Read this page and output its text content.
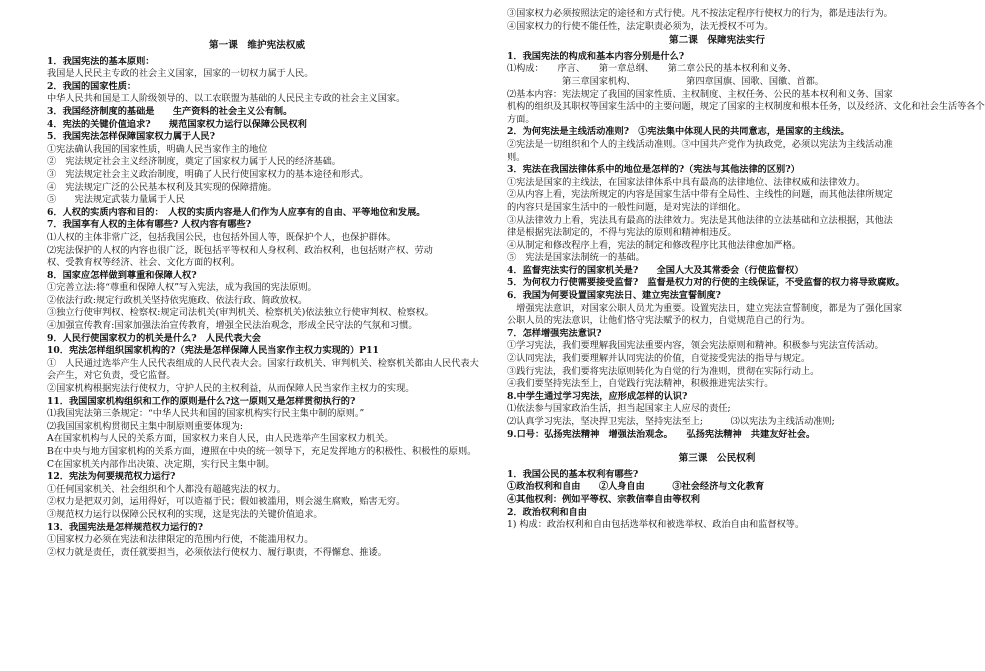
第一课　维护宪法权威
1．我国宪法的基本原则：
我国是人民民主专政的社会主义国家，国家的一切权力属于人民。
2．我国的国家性质：
中华人民共和国是工人阶级领导的、以工农联盟为基础的人民民主专政的社会主义国家。
3．我国经济制度的基础是　　生产资料的社会主义公有制。
4．宪法的关键价值追求?　　规范国家权力运行以保障公民权利
5．我国宪法怎样保障国家权力属于人民?
①宪法确认我国的国家性质，明确人民当家作主的地位
②　宪法规定社会主义经济制度，奠定了国家权力属于人民的经济基础。
③　宪法规定社会主义政治制度，明确了人民行使国家权力的基本途径和形式。
④　宪法规定广泛的公民基本权利及其实现的保障措施。
⑤　　宪法规定武装力量属于人民
6．人权的实质内容和目的：　人权的实质内容是人们作为人应享有的自由、平等地位和发展。
7．我国享有人权的主体有哪些? 人权内容有哪些?
⑴人权的主体非常广泛，包括我国公民，也包括外国人等，既保护个人，也保护群体。
⑵宪法保护的人权的内容也很广泛，既包括平等权和人身权利、政治权利，也包括财产权、劳动
权、受教育权等经济、社会、文化方面的权利。
8．国家应怎样做到尊重和保障人权?
①完善立法:将“尊重和保障人权”写入宪法，成为我国的宪法原则。
②依法行政:规定行政机关坚持依宪施政、依法行政、简政放权。
③独立行使审判权、检察权:规定司法机关(审判机关、检察机关)依法独立行使审判权、检察权。
④加强宣传教育:国家加强法治宣传教育，增强全民法治观念，形成全民守法的气氛和习惯。
9．人民行使国家权力的机关是什么?　人民代表大会
10．宪法怎样组织国家机构的?（宪法是怎样保障人民当家作主权力实现的）P11
①　人民通过选举产生人民代表组成的人民代表大会。国家行政机关、审判机关、检察机关都由人民代表大
会产生，对它负责，受它监督。
②国家机构根据宪法行使权力，守护人民的主权利益，从而保障人民当家作主权力的实现。
11．我国国家机构组织和工作的原则是什么?这一原则又是怎样贯彻执行的?
⑴我国宪法第三条规定：“中华人民共和国的国家机构实行民主集中制的原则。”
⑵我国国家机构贯彻民主集中制原则重要体现为:
A在国家机构与人民的关系方面，国家权力来自人民，由人民选举产生国家权力机关。
B在中央与地方国家机构的关系方面，遵照在中央的统一领导下，充足发挥地方的积极性、积极性的原则。
C在国家机关内部作出决策、决定期，实行民主集中制。
12．宪法为何要规范权力运行?
①任何国家机关、社会组织和个人都没有超越宪法的权力。
②权力是把双刃剑，运用得好，可以造福于民；假如被滥用，则会滋生腐败，贻害无穷。
③规范权力运行以保障公民权利的实现，这是宪法的关键价值追求。
13．我国宪法是怎样规范权力运行的?
①国家权力必须在宪法和法律限定的范围内行使，不能滥用权力。
②权力就是责任，责任就要担当，必须依法行使权力、履行职责，不得懈怠、推诿。
③国家权力必须按照法定的途径和方式行使。凡不按法定程序行使权力的行为，都是违法行为。
④国家权力的行使不能任性，法定职责必须为，法无授权不可为。
第二课　保障宪法实行
1．我国宪法的构成和基本内容分别是什么?
⑴构成：　　序言、　　第一章总纲、　　第二章公民的基本权利和义务、
　　　　　　第三章国家机构、　　　　　　第四章国旗、国歌、国徽、首都。
⑵基本内容：宪法规定了我国的国家性质、主权制度、主权任务、公民的基本权利和义务、国家
机构的组织及其职权等国家生活中的主要问题，规定了国家的主权制度和根本任务，以及经济、文化和社会生活等各个
方面。
2．为何宪法是主线活动准则?　①宪法集中体现人民的共同意志，是国家的主线法。
②宪法是一切组织和个人的主线活动准则。③中国共产党作为执政党，必须以宪法为主线活动准
则。
3．宪法在我国法律体系中的地位是怎样的?（宪法与其他法律的区别?）
①宪法是国家的主线法，在国家法律体系中具有最高的法律地位、法律权威和法律效力。
②从内容上看，宪法所规定的内容是国家生活中带有全局性、主线性的问题，而其他法律所规定
的内容只是国家生活中的一般性问题，是对宪法的详细化。
③从法律效力上看，宪法具有最高的法律效力。宪法是其他法律的立法基础和立法根据，其他法
律是根据宪法制定的，不得与宪法的原则和精神相违反。
④从制定和修改程序上看，宪法的制定和修改程序比其他法律愈加严格。
⑤　宪法是国家法制统一的基础。
4．监督宪法实行的国家机关是?　　全国人大及其常委会（行使监督权）
5．为何权力行使需要接受监督?　监督是权力对的行使的主线保证，不受监督的权力将导致腐败。
6．我国为何要设置国家宪法日、建立宪法宣誓制度?
　增强宪法意识，对国家公职人员尤为重要。设置宪法日，建立宪法宣誓制度，都是为了强化国家
公职人员的宪法意识，让他们恪守宪法赋予的权力，自觉规范自己的行为。
7．怎样增强宪法意识?
①学习宪法，我们要理解我国宪法重要内容，领会宪法原则和精神。积极参与宪法宣传活动。
②认同宪法，我们要理解并认同宪法的价值，自觉接受宪法的指导与规定。
③践行宪法，我们要将宪法原则转化为自觉的行为准则，贯彻在实际行动上。
④我们要坚持宪法至上，自觉践行宪法精神，积极推进宪法实行。
8.中学生通过学习宪法，应形成怎样的认识?
⑴依法参与国家政治生活，担当起国家主人应尽的责任;
⑵认真学习宪法，坚决捍卫宪法，坚持宪法至上;　　　⑶以宪法为主线活动准则;
9.口号：弘扬宪法精神　增强法治观念。　　弘扬宪法精神　共建友好社会。
第三课　公民权利
1．我国公民的基本权利有哪些?
①政治权利和自由　　②人身自由　　　③社会经济与文化教育
④其他权利：例如平等权、宗教信奉自由等权利
2．政治权利和自由
1) 构成：政治权利和自由包括选举权和被选举权、政治自由和监督权等。
